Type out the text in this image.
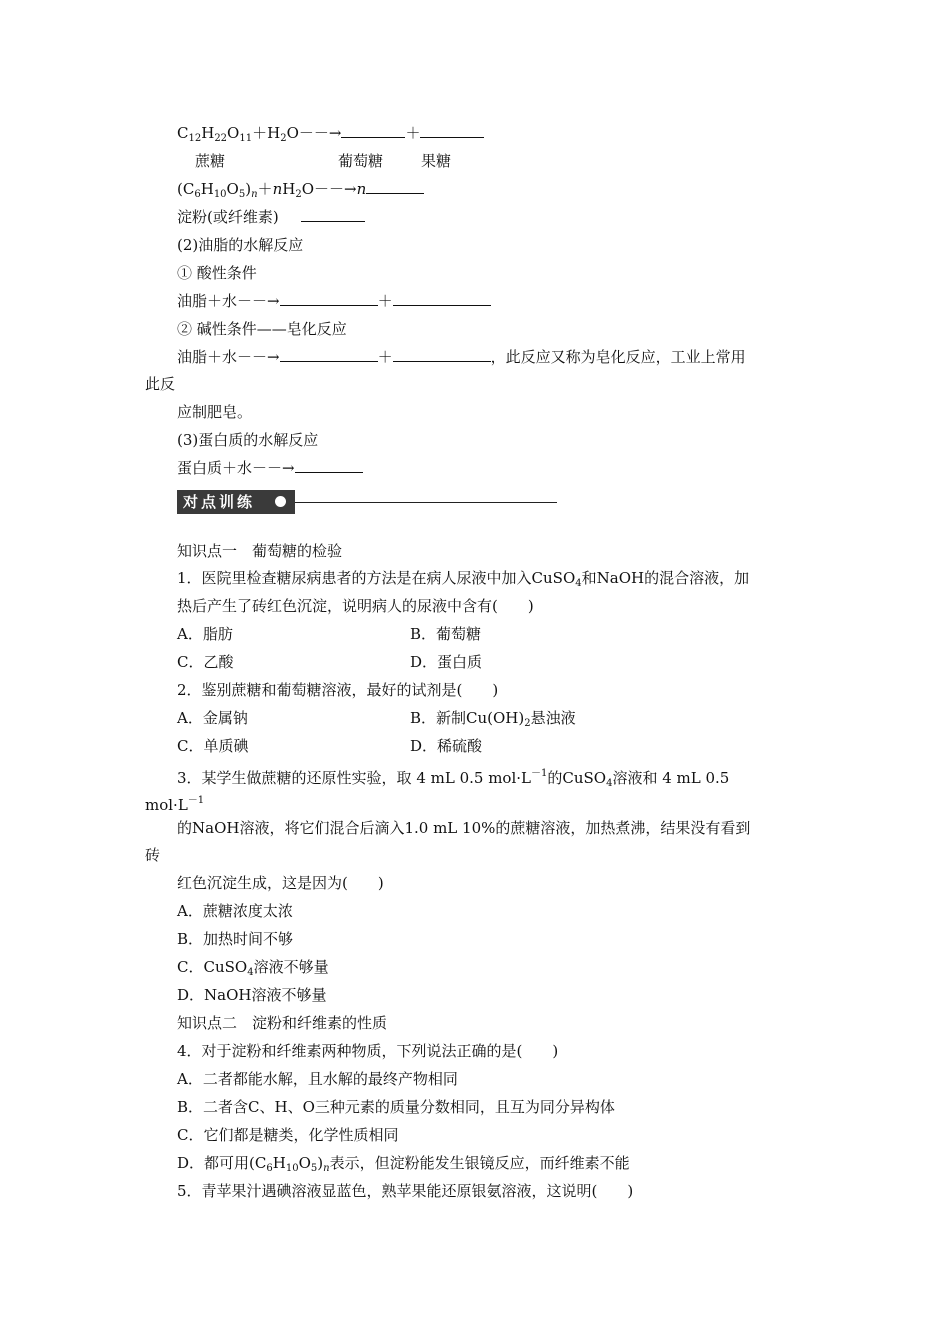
$C_{12}H_{22}O_{11}+H_2O--\to$	＋
蔗糖	葡萄糖	果糖
$(C_6H_{10}O_5)_n+nH_2O--\to n$
淀粉(或纤维素)
(2)油脂的水解反应
① 酸性条件
油脂＋水－－→	＋
② 碱性条件——皂化反应
油脂＋水－－→	＋	，此反应又称为皂化反应，工业上常用
此反
应制肥皂。
(3)蛋白质的水解反应
蛋白质＋水－－→
对点训练
知识点一　葡萄糖的检验
1．医院里检查糖尿病患者的方法是在病人尿液中加入CuSO$_4$和NaOH的混合溶液，加
热后产生了砖红色沉淀，说明病人的尿液中含有(　　)
A．脂肪	B．葡萄糖
C．乙酸	D．蛋白质
2．鉴别蔗糖和葡萄糖溶液，最好的试剂是(　　)
A．金属钠	B．新制$Cu(OH)_2$悬浊液
C．单质碘	D．稀硫酸
3．某学生做蔗糖的还原性实验，取 4 mL 0.5 $mol\cdot L^{-1}$的CuSO$_4$溶液和 4 mL 0.5
$mol\cdot L^{-1}$
的NaOH溶液，将它们混合后滴入1.0 mL 10%的蔗糖溶液，加热煮沸，结果没有看到
砖
红色沉淀生成，这是因为(　　)
A．蔗糖浓度太浓
B．加热时间不够
C．CuSO$_4$溶液不够量
D．NaOH溶液不够量
知识点二　淀粉和纤维素的性质
4．对于淀粉和纤维素两种物质，下列说法正确的是(　　)
A．二者都能水解，且水解的最终产物相同
B．二者含C、H、O三种元素的质量分数相同，且互为同分异构体
C．它们都是糖类，化学性质相同
D．都可用$(C_6H_{10}O_5)_n$表示，但淀粉能发生银镜反应，而纤维素不能
5．青苹果汁遇碘溶液显蓝色，熟苹果能还原银氨溶液，这说明(　　)
